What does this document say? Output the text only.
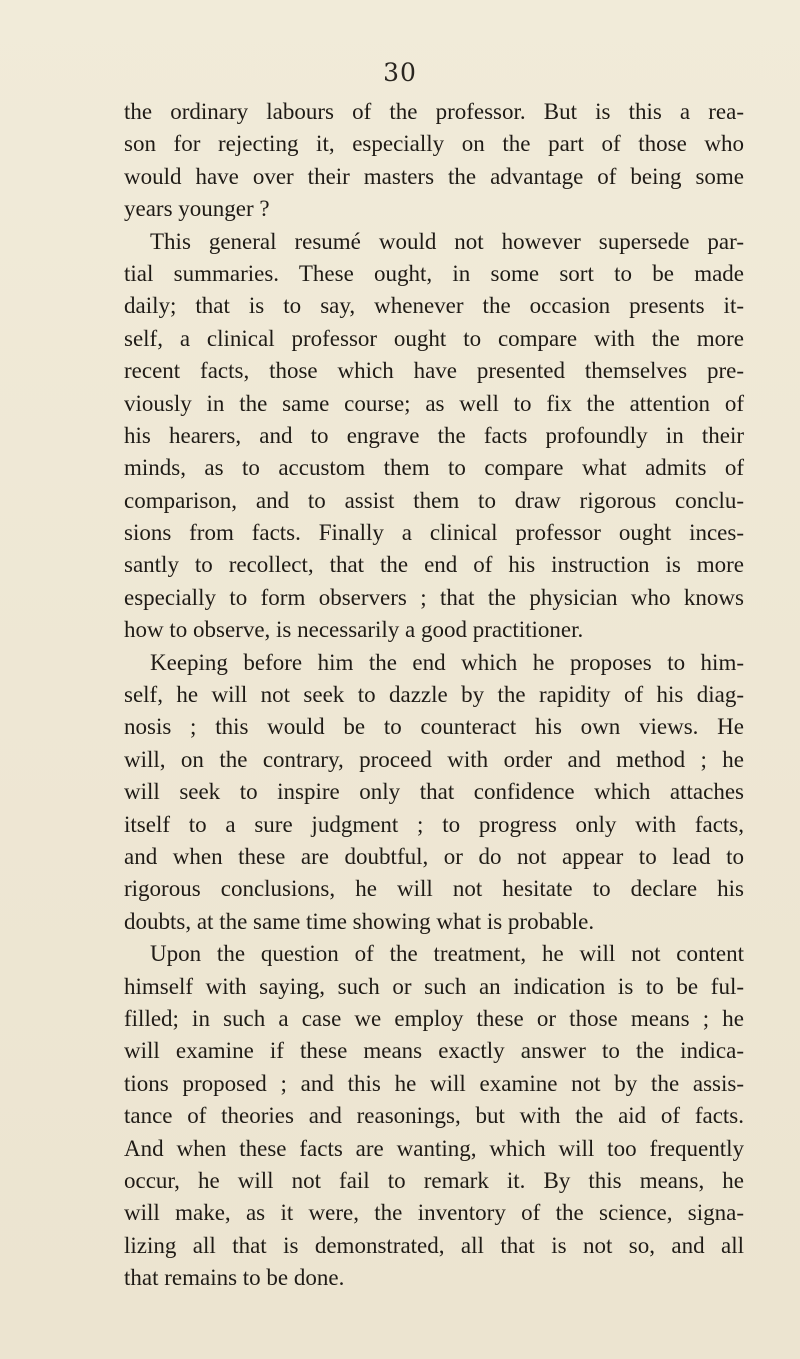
30
the ordinary labours of the professor. But is this a rea-
son for rejecting it, especially on the part of those who
would have over their masters the advantage of being some
years younger ?
This general resumé would not however supersede par-
tial summaries. These ought, in some sort to be made
daily; that is to say, whenever the occasion presents it-
self, a clinical professor ought to compare with the more
recent facts, those which have presented themselves pre-
viously in the same course; as well to fix the attention of
his hearers, and to engrave the facts profoundly in their
minds, as to accustom them to compare what admits of
comparison, and to assist them to draw rigorous conclu-
sions from facts. Finally a clinical professor ought inces-
santly to recollect, that the end of his instruction is more
especially to form observers ; that the physician who knows
how to observe, is necessarily a good practitioner.
Keeping before him the end which he proposes to him-
self, he will not seek to dazzle by the rapidity of his diag-
nosis ; this would be to counteract his own views. He
will, on the contrary, proceed with order and method ; he
will seek to inspire only that confidence which attaches
itself to a sure judgment ; to progress only with facts,
and when these are doubtful, or do not appear to lead to
rigorous conclusions, he will not hesitate to declare his
doubts, at the same time showing what is probable.
Upon the question of the treatment, he will not content
himself with saying, such or such an indication is to be ful-
filled; in such a case we employ these or those means ; he
will examine if these means exactly answer to the indica-
tions proposed ; and this he will examine not by the assis-
tance of theories and reasonings, but with the aid of facts.
And when these facts are wanting, which will too frequently
occur, he will not fail to remark it. By this means, he
will make, as it were, the inventory of the science, signa-
lizing all that is demonstrated, all that is not so, and all
that remains to be done.
